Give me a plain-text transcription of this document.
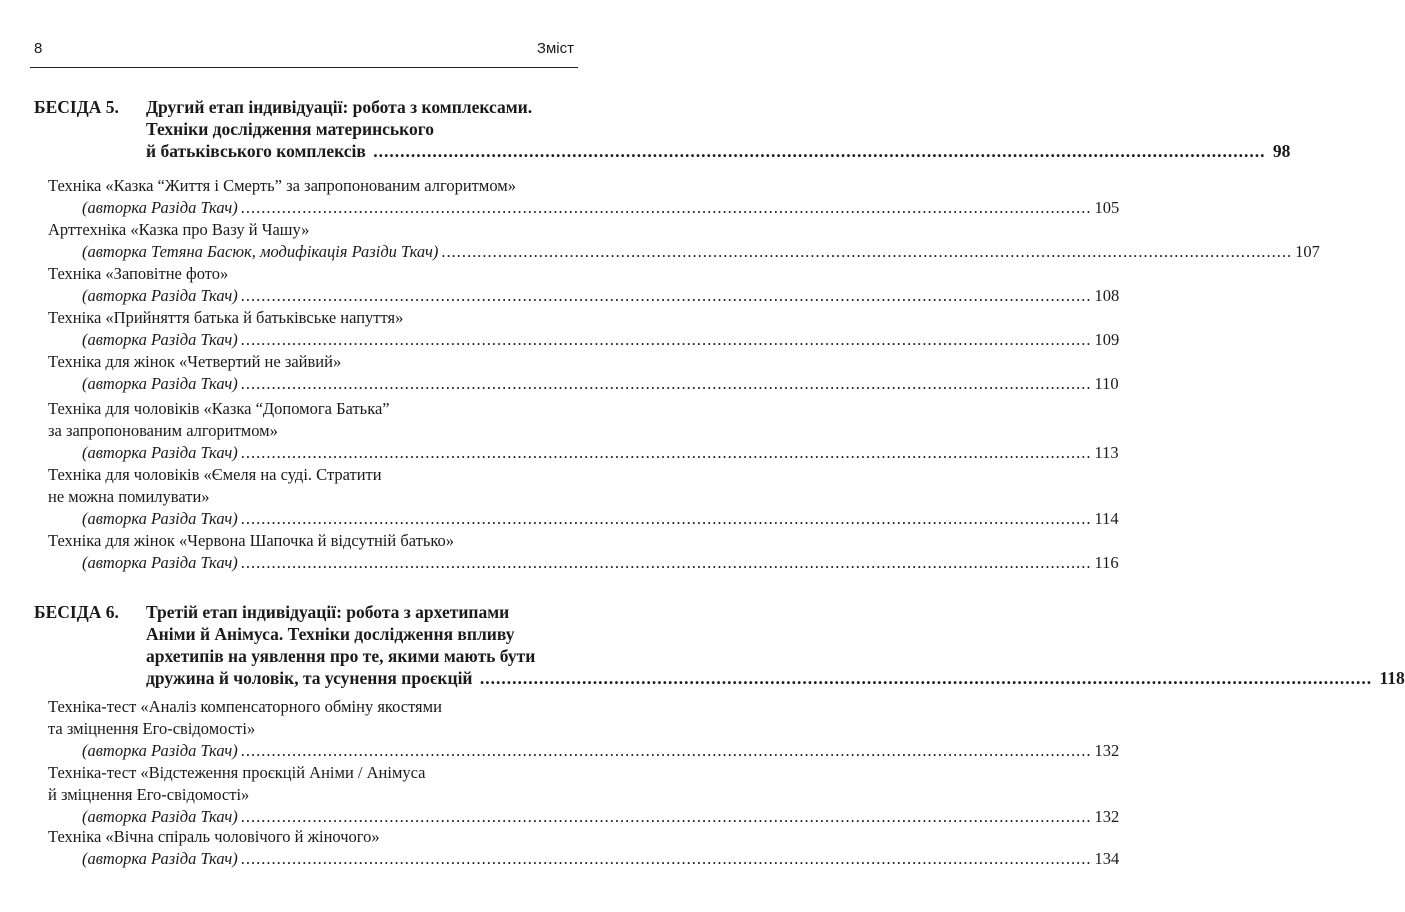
8	Зміст
БЕСІДА 5. Другий етап індивідуації: робота з комплексами.
Техніки дослідження материнського
й батьківського комплексів .....	98
Техніка «Казка “Життя і Смерть” за запропонованим алгоритмом»
(авторка Разіда Ткач) .....	105
Арттехніка «Казка про Вазу й Чашу»
(авторка Тетяна Басюк, модифікація Разіди Ткач) .....	107
Техніка «Заповітне фото»
(авторка Разіда Ткач) .....	108
Техніка «Прийняття батька й батьківське напуття»
(авторка Разіда Ткач) .....	109
Техніка для жінок «Четвертий не зайвий»
(авторка Разіда Ткач) .....	110
Техніка для чоловіків «Казка “Допомога Батька”
за запропонованим алгоритмом»
(авторка Разіда Ткач) .....	113
Техніка для чоловіків «Ємеля на суді. Стратити
не можна помилувати»
(авторка Разіда Ткач) .....	114
Техніка для жінок «Червона Шапочка й відсутній батько»
(авторка Разіда Ткач) .....	116
БЕСІДА 6. Третій етап індивідуації: робота з архетипами
Аніми й Анімуса. Техніки дослідження впливу
архетипів на уявлення про те, якими мають бути
дружина й чоловік, та усунення проєкцій .....	118
Техніка-тест «Аналіз компенсаторного обміну якостями
та зміцнення Его-свідомості»
(авторка Разіда Ткач) .....	132
Техніка-тест «Відстеження проєкцій Аніми / Анімуса
й зміцнення Его-свідомості»
(авторка Разіда Ткач) .....	132
Техніка «Вічна спіраль чоловічого й жіночого»
(авторка Разіда Ткач) .....	134
